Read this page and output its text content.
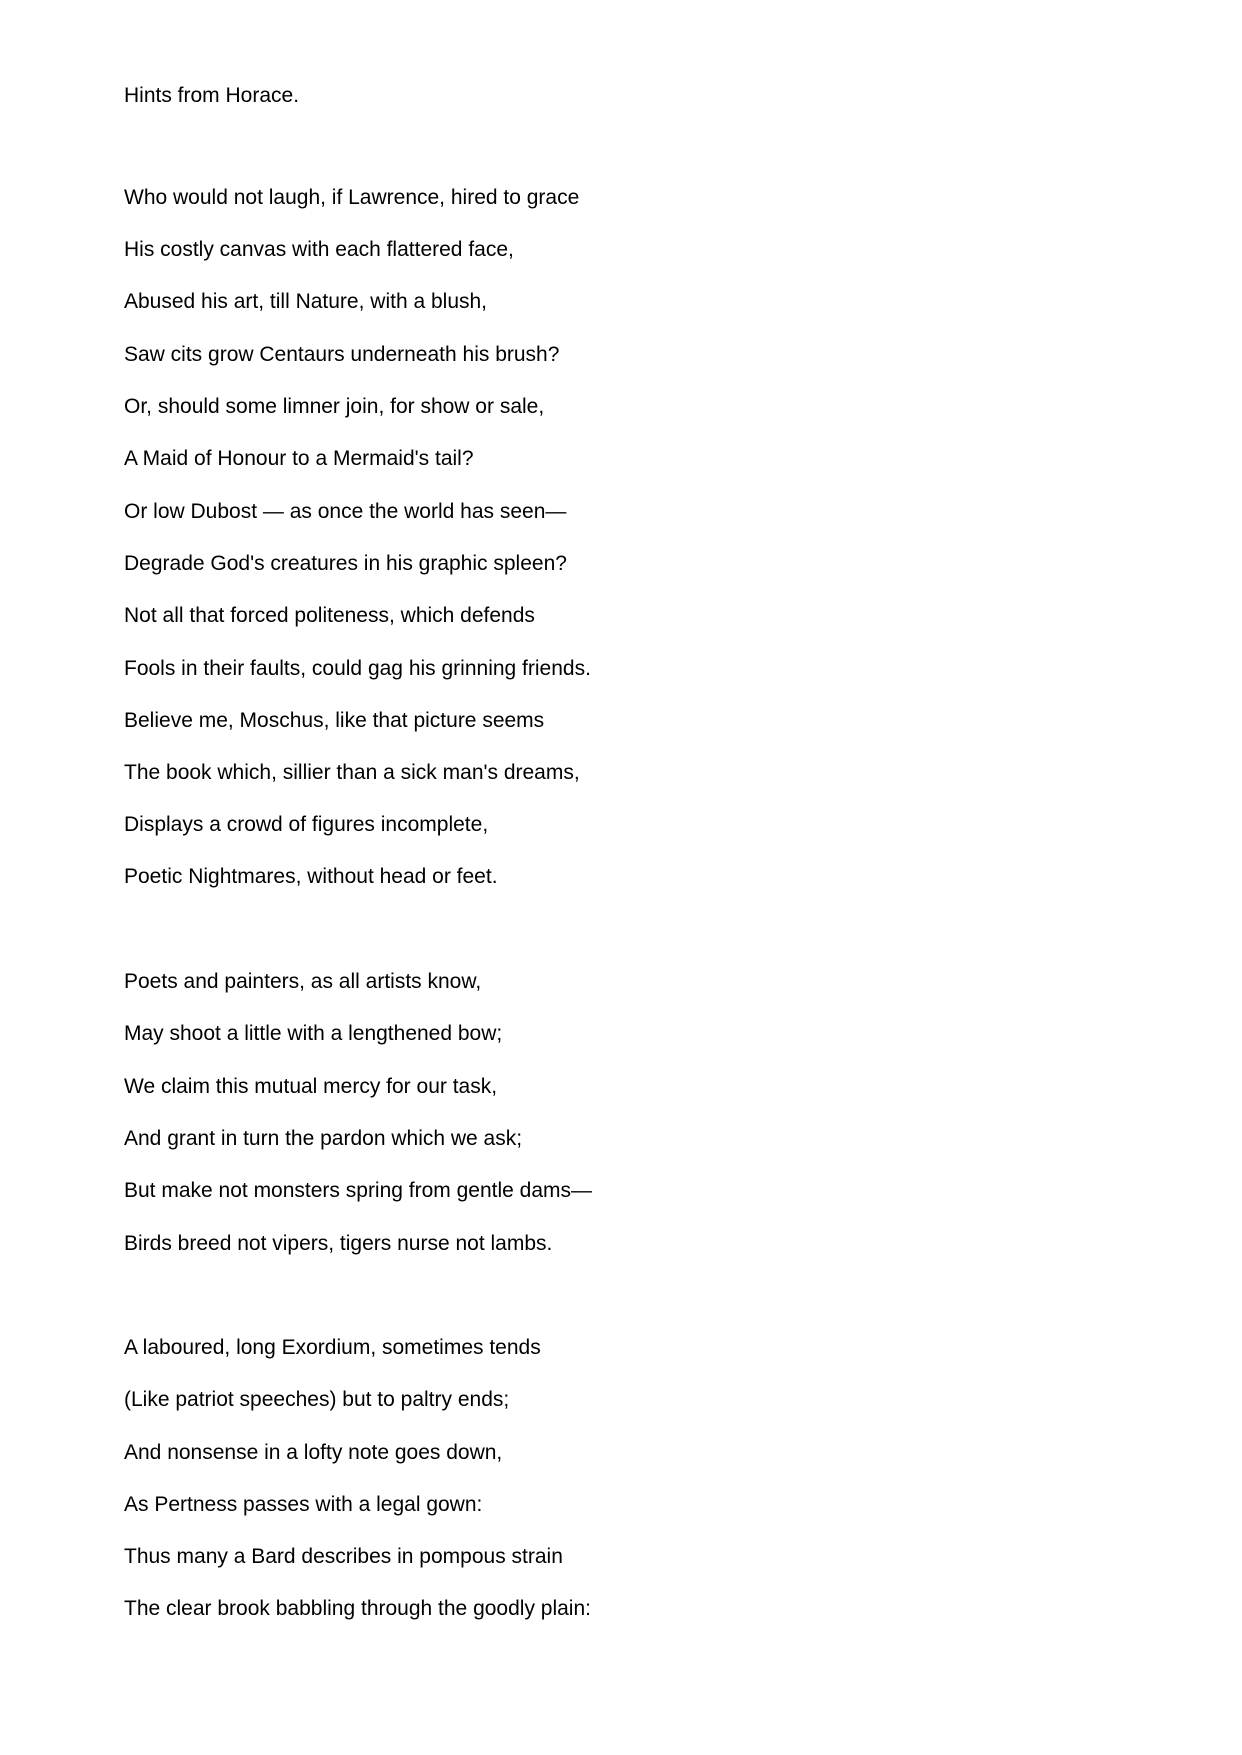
Hints from Horace.
Who would not laugh, if Lawrence, hired to grace
His costly canvas with each flattered face,
Abused his art, till Nature, with a blush,
Saw cits grow Centaurs underneath his brush?
Or, should some limner join, for show or sale,
A Maid of Honour to a Mermaid's tail?
Or low Dubost — as once the world has seen—
Degrade God's creatures in his graphic spleen?
Not all that forced politeness, which defends
Fools in their faults, could gag his grinning friends.
Believe me, Moschus, like that picture seems
The book which, sillier than a sick man's dreams,
Displays a crowd of figures incomplete,
Poetic Nightmares, without head or feet.
Poets and painters, as all artists know,
May shoot a little with a lengthened bow;
We claim this mutual mercy for our task,
And grant in turn the pardon which we ask;
But make not monsters spring from gentle dams—
Birds breed not vipers, tigers nurse not lambs.
A laboured, long Exordium, sometimes tends
(Like patriot speeches) but to paltry ends;
And nonsense in a lofty note goes down,
As Pertness passes with a legal gown:
Thus many a Bard describes in pompous strain
The clear brook babbling through the goodly plain:
